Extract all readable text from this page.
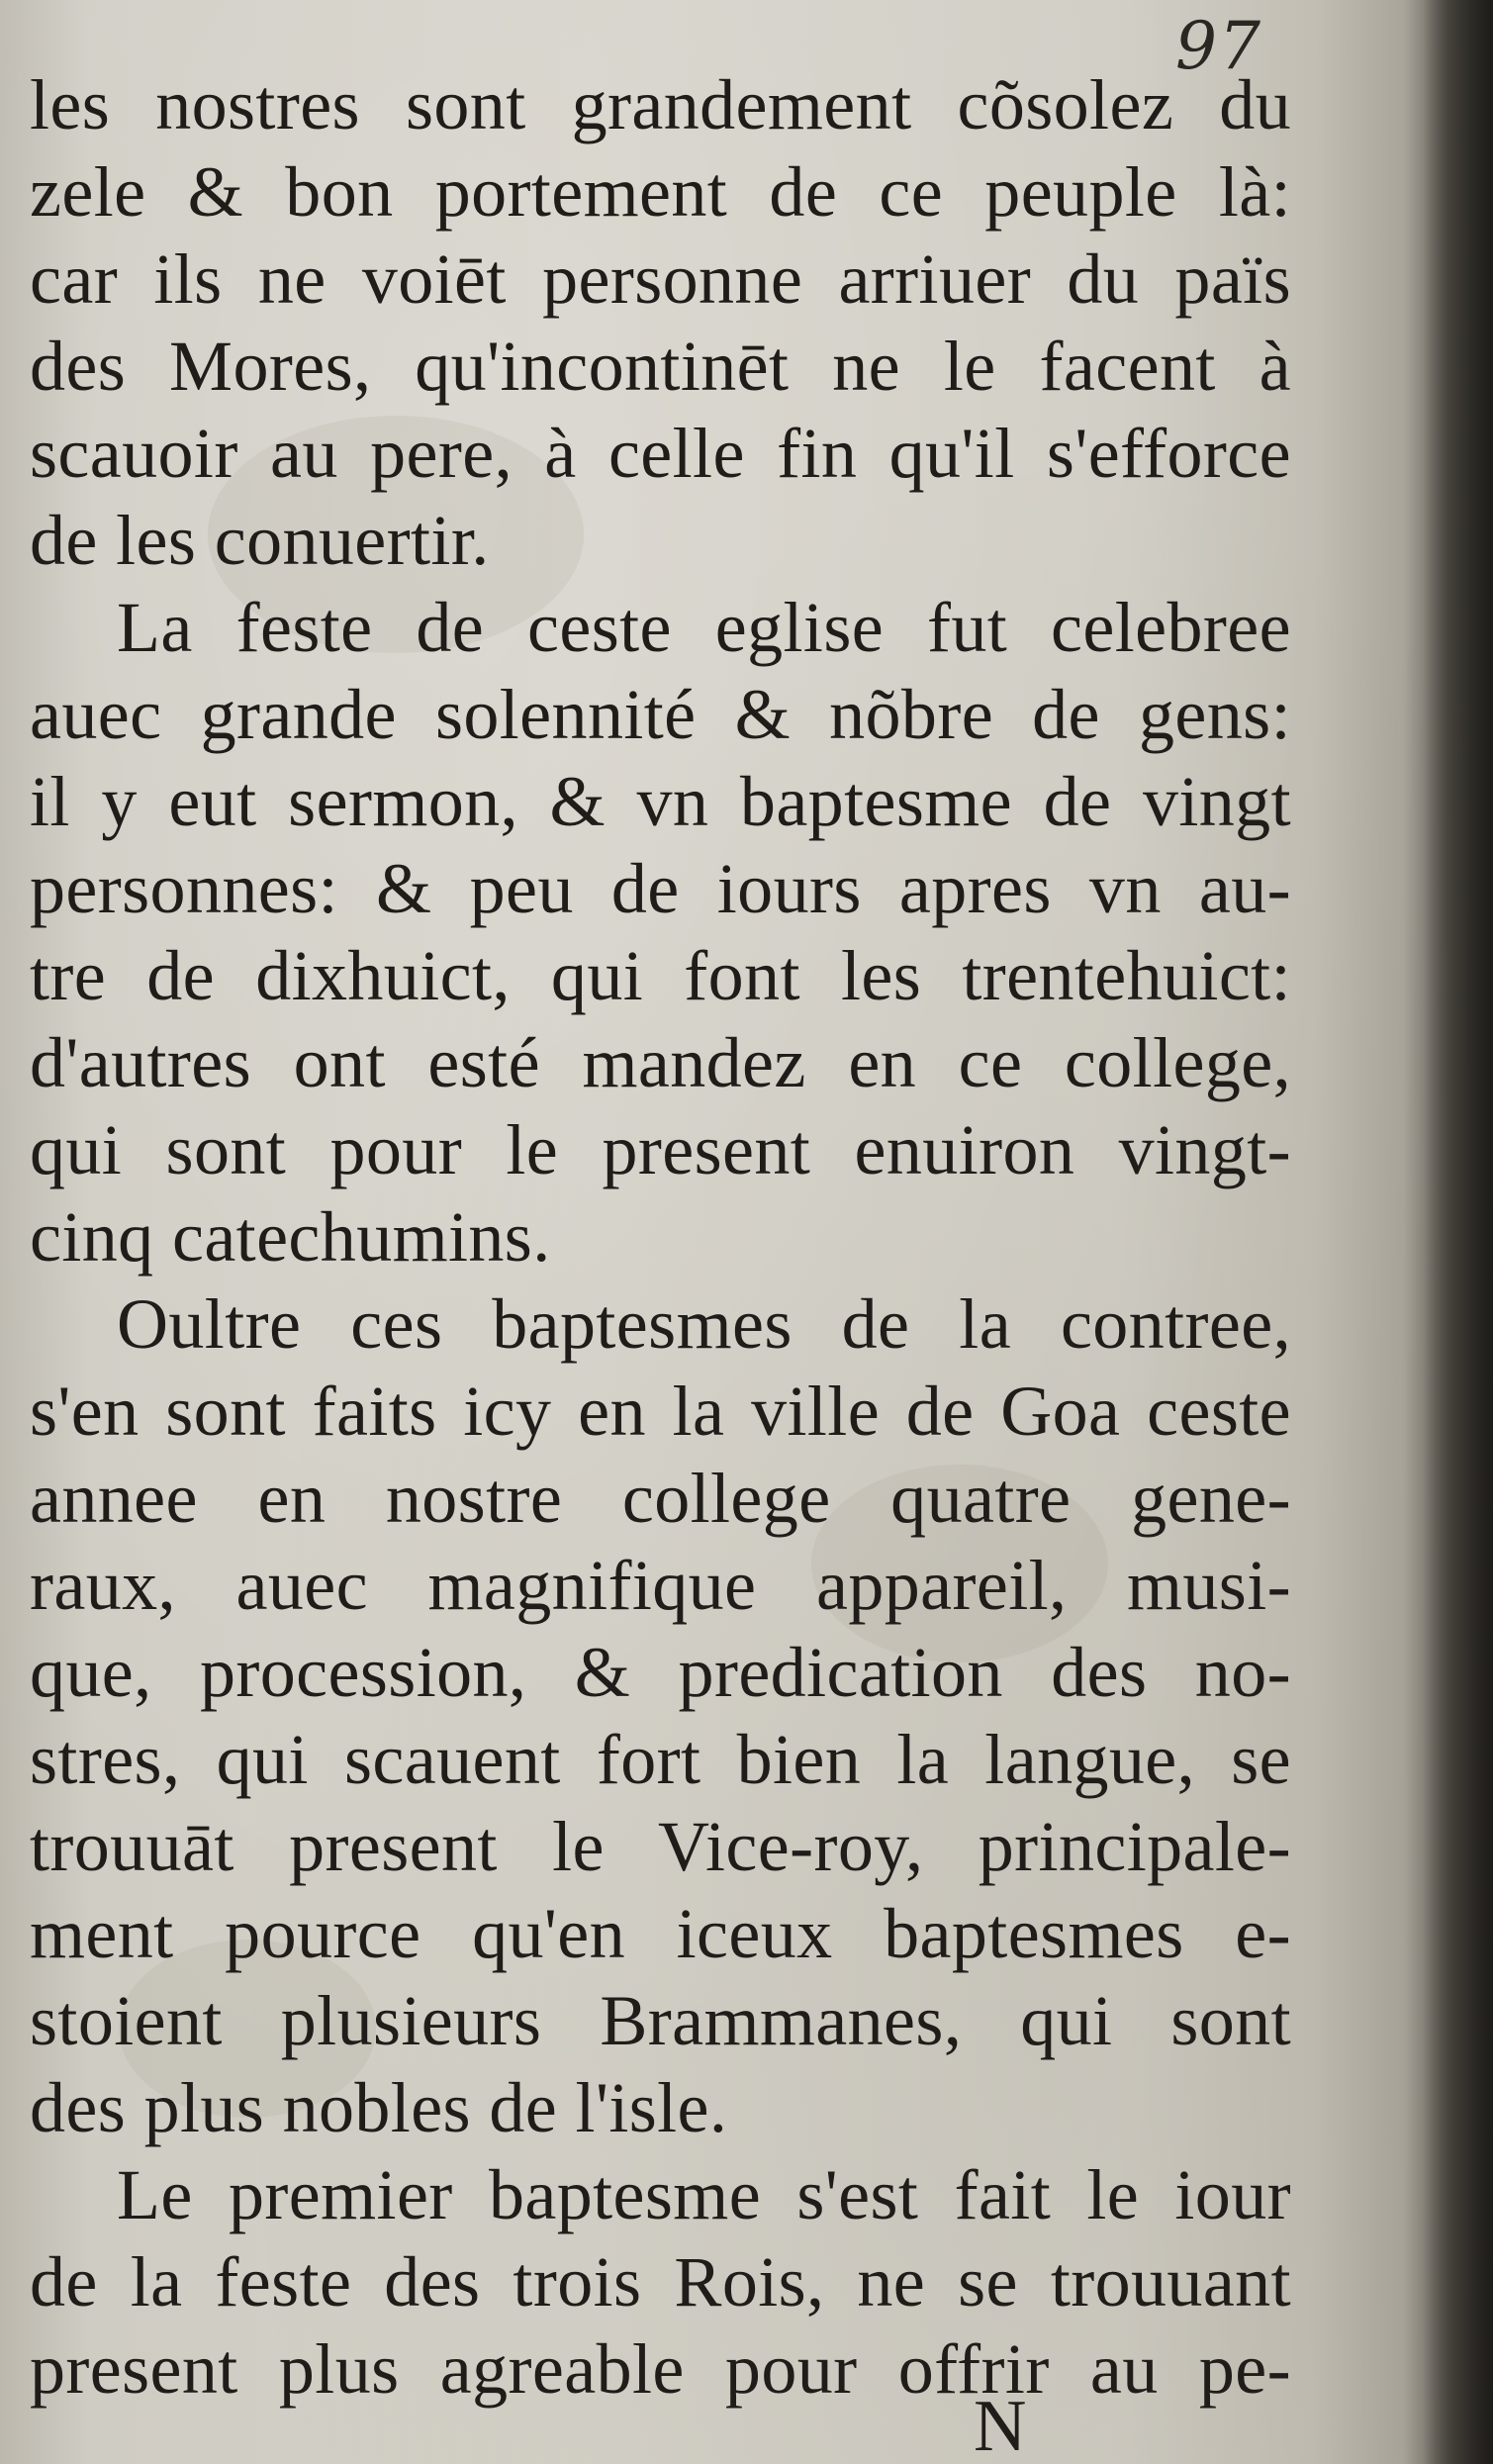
97
les nostres sont grandement cõsolez du
zele & bon portement de ce peuple là:
car ils ne voiēt personne arriuer du païs
des Mores, qu'incontinēt ne le facent à
scauoir au pere, à celle fin qu'il s'efforce
de les conuertir.
La feste de ceste eglise fut celebree
auec grande solennité & nõbre de gens:
il y eut sermon, & vn baptesme de vingt
personnes: & peu de iours apres vn au-
tre de dixhuict, qui font les trentehuict:
d'autres ont esté mandez en ce college,
qui sont pour le present enuiron vingt-
cinq catechumins.
Oultre ces baptesmes de la contree,
s'en sont faits icy en la ville de Goa ceste
annee en nostre college quatre gene-
raux, auec magnifique appareil, musi-
que, procession, & predication des no-
stres, qui scauent fort bien la langue, se
trouuāt present le Vice-roy, principale-
ment pource qu'en iceux baptesmes e-
stoient plusieurs Brammanes, qui sont
des plus nobles de l'isle.
Le premier baptesme s'est fait le iour
de la feste des trois Rois, ne se trouuant
present plus agreable pour offrir au pe-
N
